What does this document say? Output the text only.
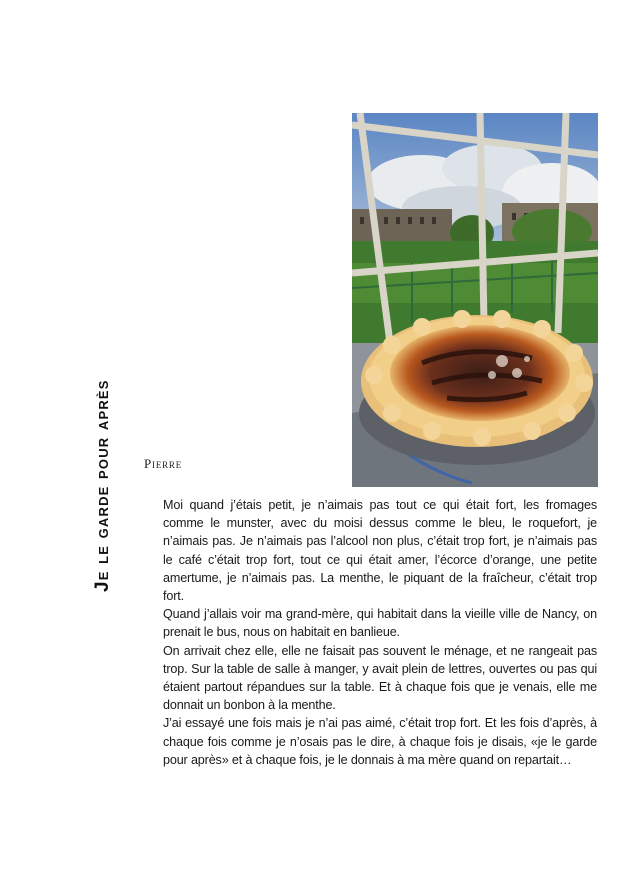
Je le garde pour après Pierre

Moi quand j’étais petit, je n’aimais pas tout ce qui était fort, les fromages comme le munster, avec du moisi dessus comme le bleu, le roquefort, je n’aimais pas. Je n’aimais pas l’alcool non plus, c’était trop fort, je n’aimais pas le café c’était trop fort, tout ce qui était amer, l’écorce d’orange, une petite amertume, je n’aimais pas. La menthe, le piquant de la fraîcheur, c’était trop fort.

Quand j’allais voir ma grand-mère, qui habitait dans la vieille ville de Nancy, on prenait le bus, nous on habitait en banlieue.

On arrivait chez elle, elle ne faisait pas souvent le ménage, et ne rangeait pas trop. Sur la table de salle à manger, y avait plein de lettres, ouvertes ou pas qui étaient partout répandues sur la table. Et à chaque fois que je venais, elle me donnait un bonbon à la menthe.

J’ai essayé une fois mais je n’ai pas aimé, c’était trop fort. Et les fois d’après, à chaque fois comme je n’osais pas le dire, à chaque fois je disais, «je le garde pour après» et à chaque fois, je le donnais à ma mère quand on repartait…
